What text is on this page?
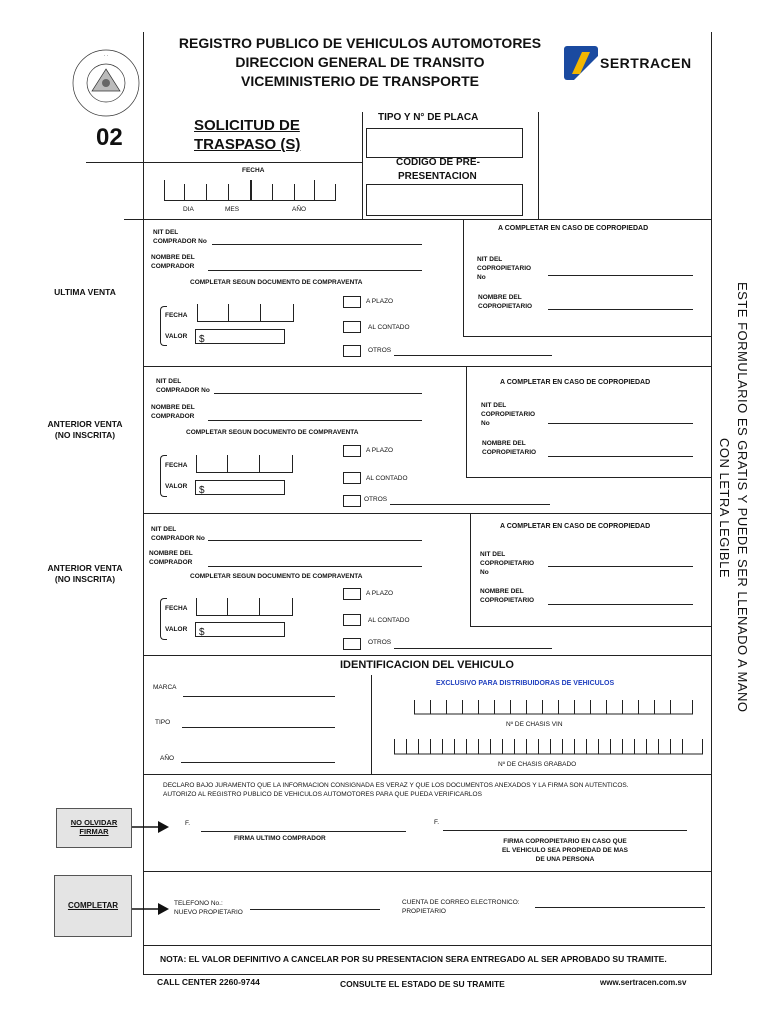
· ·
REGISTRO PUBLICO DE VEHICULOS AUTOMOTORES
DIRECCION GENERAL DE TRANSITO
VICEMINISTERIO DE TRANSPORTE
SERTRACEN
02	SOLICITUD DE
TRASPASO (S)
FECHA
DIA	MES	AÑO
TIPO Y N° DE PLACA
CODIGO DE PRE-
PRESENTACION
ULTIMA VENTA
NIT DEL
COMPRADOR No
NOMBRE DEL
COMPRADOR
COMPLETAR SEGUN DOCUMENTO DE COMPRAVENTA
FECHA
VALOR	$
A PLAZO
AL CONTADO
OTROS
A COMPLETAR EN CASO DE COPROPIEDAD
NIT DEL
COPROPIETARIO
No
NOMBRE DEL
COPROPIETARIO
ANTERIOR VENTA
(NO INSCRITA)
NIT DEL
COMPRADOR No
NOMBRE DEL
COMPRADOR
COMPLETAR SEGUN DOCUMENTO DE COMPRAVENTA
FECHA
VALOR	$
A PLAZO
AL CONTADO
OTROS
A COMPLETAR EN CASO DE COPROPIEDAD
NIT DEL
COPROPIETARIO
No
NOMBRE DEL
COPROPIETARIO
ANTERIOR VENTA
(NO INSCRITA)
NIT DEL
COMPRADOR No
NOMBRE DEL
COMPRADOR
COMPLETAR SEGUN DOCUMENTO DE COMPRAVENTA
FECHA
VALOR	$
A PLAZO
AL CONTADO
OTROS
A COMPLETAR EN CASO DE COPROPIEDAD
NIT DEL
COPROPIETARIO
No
NOMBRE DEL
COPROPIETARIO
IDENTIFICACION DEL VEHICULO
MARCA
TIPO
AÑO
EXCLUSIVO PARA DISTRIBUIDORAS DE VEHICULOS
Nº DE CHASIS VIN
Nº DE CHASIS GRABADO
DECLARO BAJO JURAMENTO QUE LA INFORMACION CONSIGNADA ES VERAZ Y QUE LOS DOCUMENTOS ANEXADOS Y LA FIRMA SON AUTENTICOS.
AUTORIZO AL REGISTRO PUBLICO DE VEHICULOS AUTOMOTORES PARA QUE PUEDA VERIFICARLOS
NO OLVIDAR
FIRMAR
F.
FIRMA ULTIMO COMPRADOR
F.
FIRMA COPROPIETARIO EN CASO QUE
EL VEHICULO SEA PROPIEDAD DE MAS
DE UNA PERSONA
COMPLETAR	TELEFONO No.:
NUEVO PROPIETARIO
CUENTA DE CORREO ELECTRONICO:
PROPIETARIO
NOTA: EL VALOR DEFINITIVO A CANCELAR POR SU PRESENTACION SERA ENTREGADO AL SER APROBADO SU TRAMITE.
CALL CENTER 2260-9744	CONSULTE EL ESTADO DE SU TRAMITE	www.sertracen.com.sv
ESTE FORMULARIO ES GRATIS Y PUEDE SER LLENADO A MANO
CON LETRA LEGIBLE
